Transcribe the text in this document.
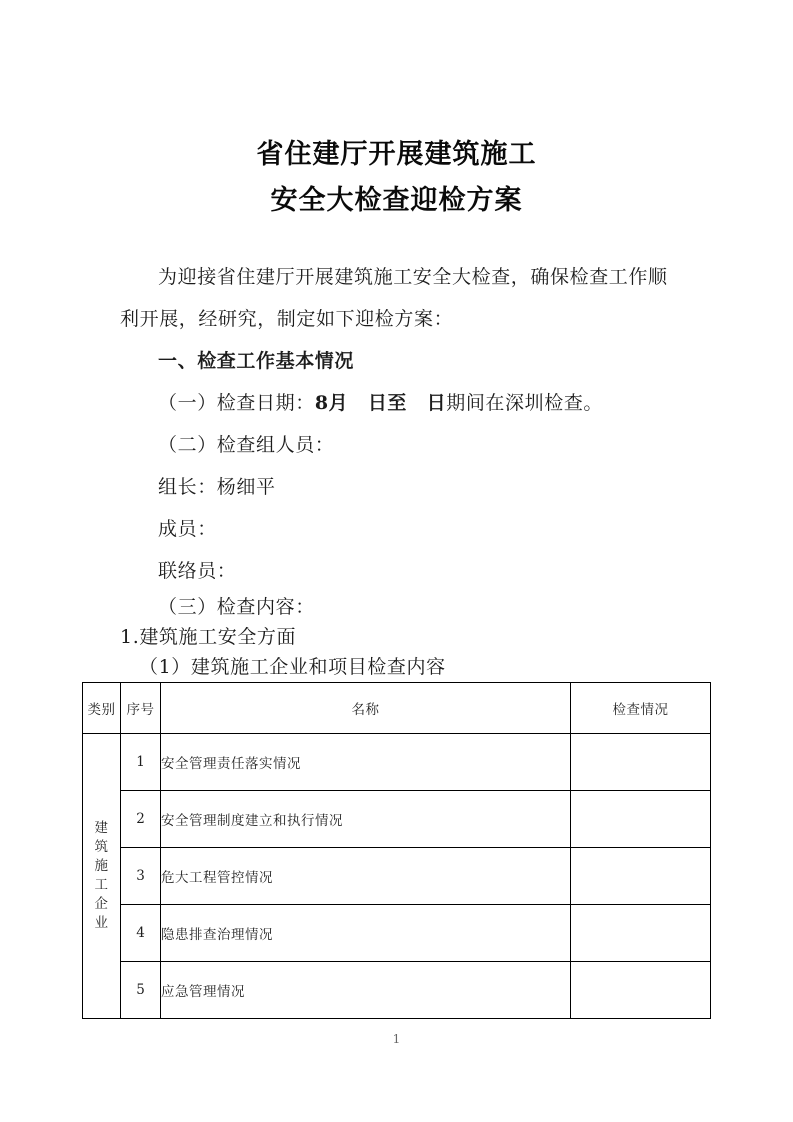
省住建厅开展建筑施工
安全大检查迎检方案
为迎接省住建厅开展建筑施工安全大检查，确保检查工作顺利开展，经研究，制定如下迎检方案：
一、检查工作基本情况
（一）检查日期：8月　日至　日期间在深圳检查。
（二）检查组人员：
组长：杨细平
成员：
联络员：
（三）检查内容：
1.建筑施工安全方面
（1）建筑施工企业和项目检查内容
类别	序号	名称	检查情况
建筑施工企业	1	安全管理责任落实情况	
	2	安全管理制度建立和执行情况	
	3	危大工程管控情况	
	4	隐患排查治理情况	
	5	应急管理情况	
1
